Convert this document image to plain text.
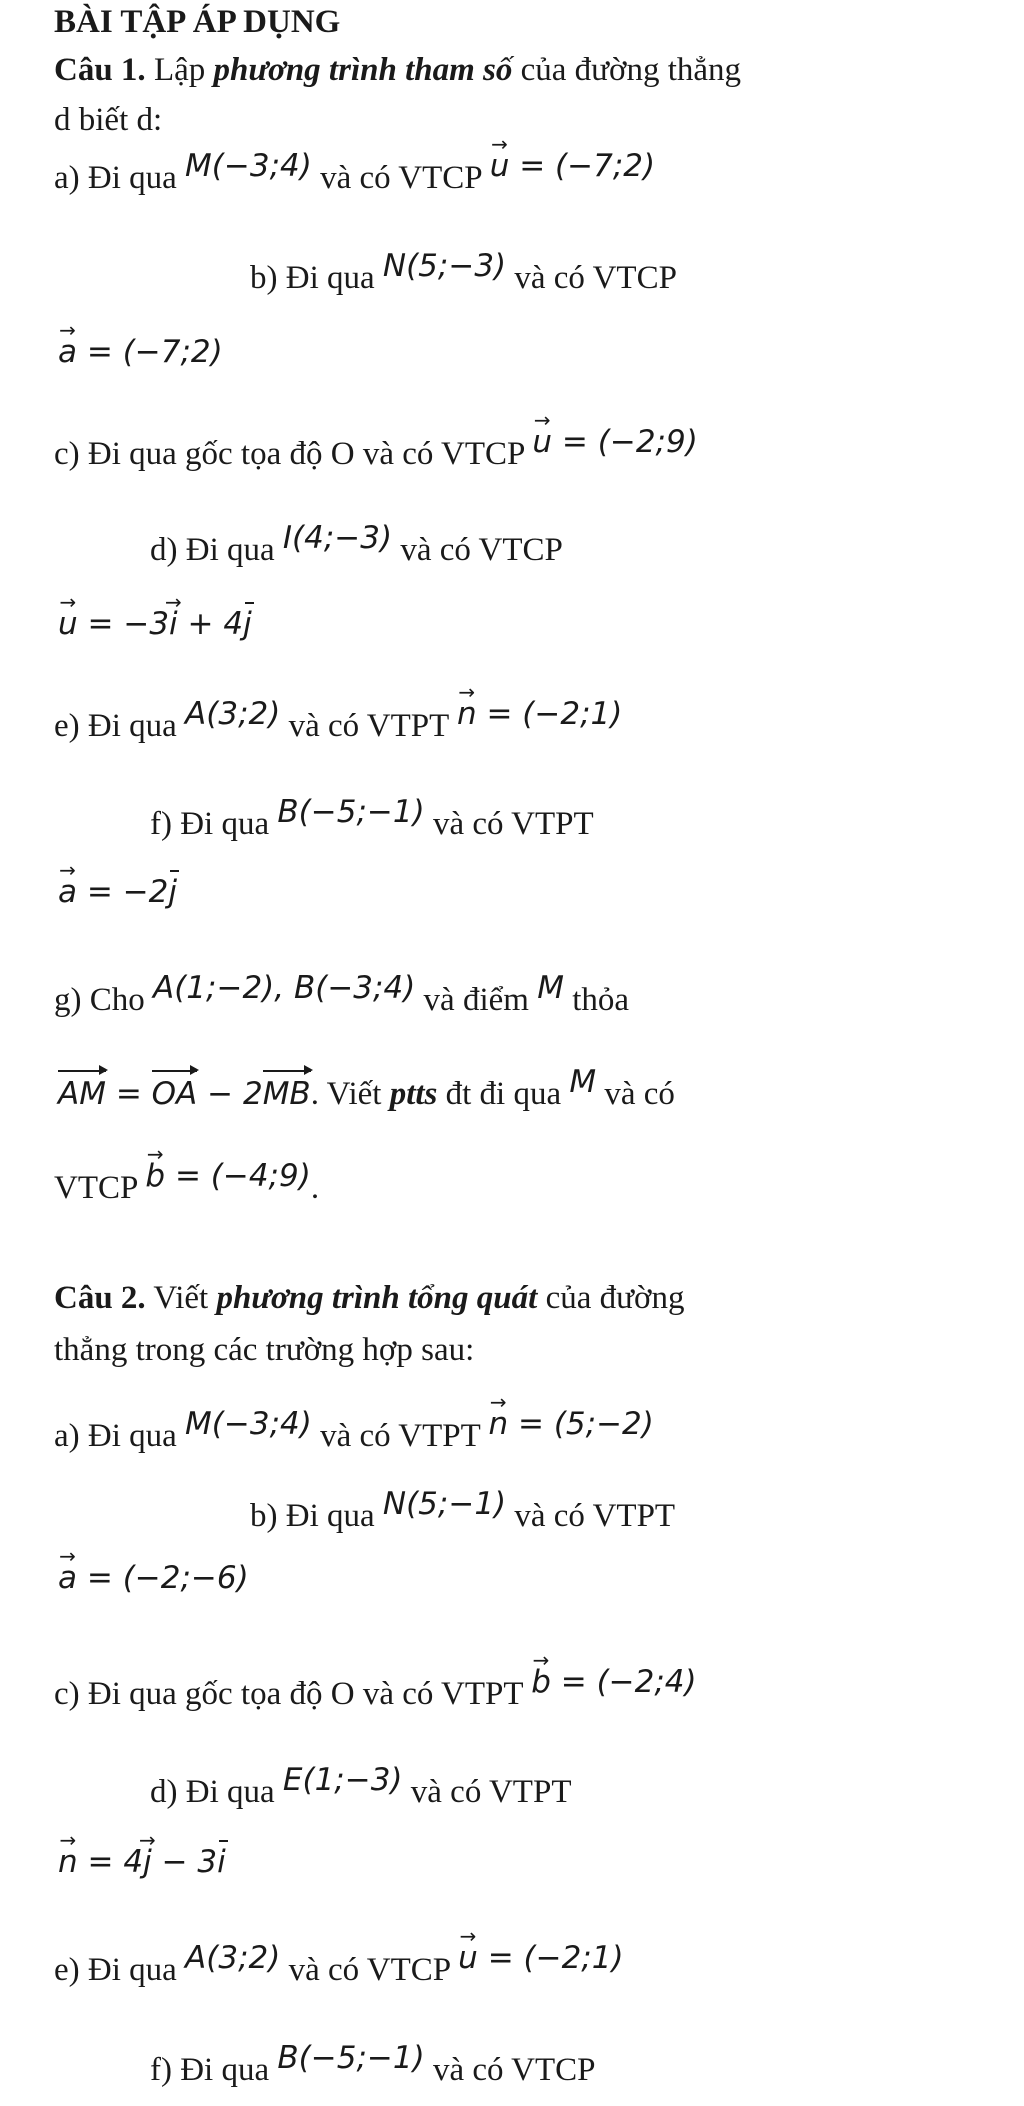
BÀI TẬP ÁP DỤNG
Câu 1. Lập phương trình tham số của đường thẳng
d biết d:
a) Đi qua M(−3;4) và có VTCP → u = (−7;2)
b) Đi qua N(5;−3) và có VTCP
→ a = (−7;2)
c) Đi qua gốc tọa độ O và có VTCP → u = (−2;9)
d) Đi qua I(4;−3) và có VTCP
→ u = −3→ i + 4j
e) Đi qua A(3;2) và có VTPT → n = (−2;1)
f) Đi qua B(−5;−1) và có VTPT
→ a = −2j
g) Cho A(1;−2), B(−3;4) và điểm M thỏa
AM = OA − 2MB. Viết ptts đt đi qua M và có
VTCP → b = (−4;9).
Câu 2. Viết phương trình tổng quát của đường
thẳng trong các trường hợp sau:
a) Đi qua M(−3;4) và có VTPT → n = (5;−2)
b) Đi qua N(5;−1) và có VTPT
→ a = (−2;−6)
c) Đi qua gốc tọa độ O và có VTPT → b = (−2;4)
d) Đi qua E(1;−3) và có VTPT
→ n = 4→ j − 3i
e) Đi qua A(3;2) và có VTCP → u = (−2;1)
f) Đi qua B(−5;−1) và có VTCP
